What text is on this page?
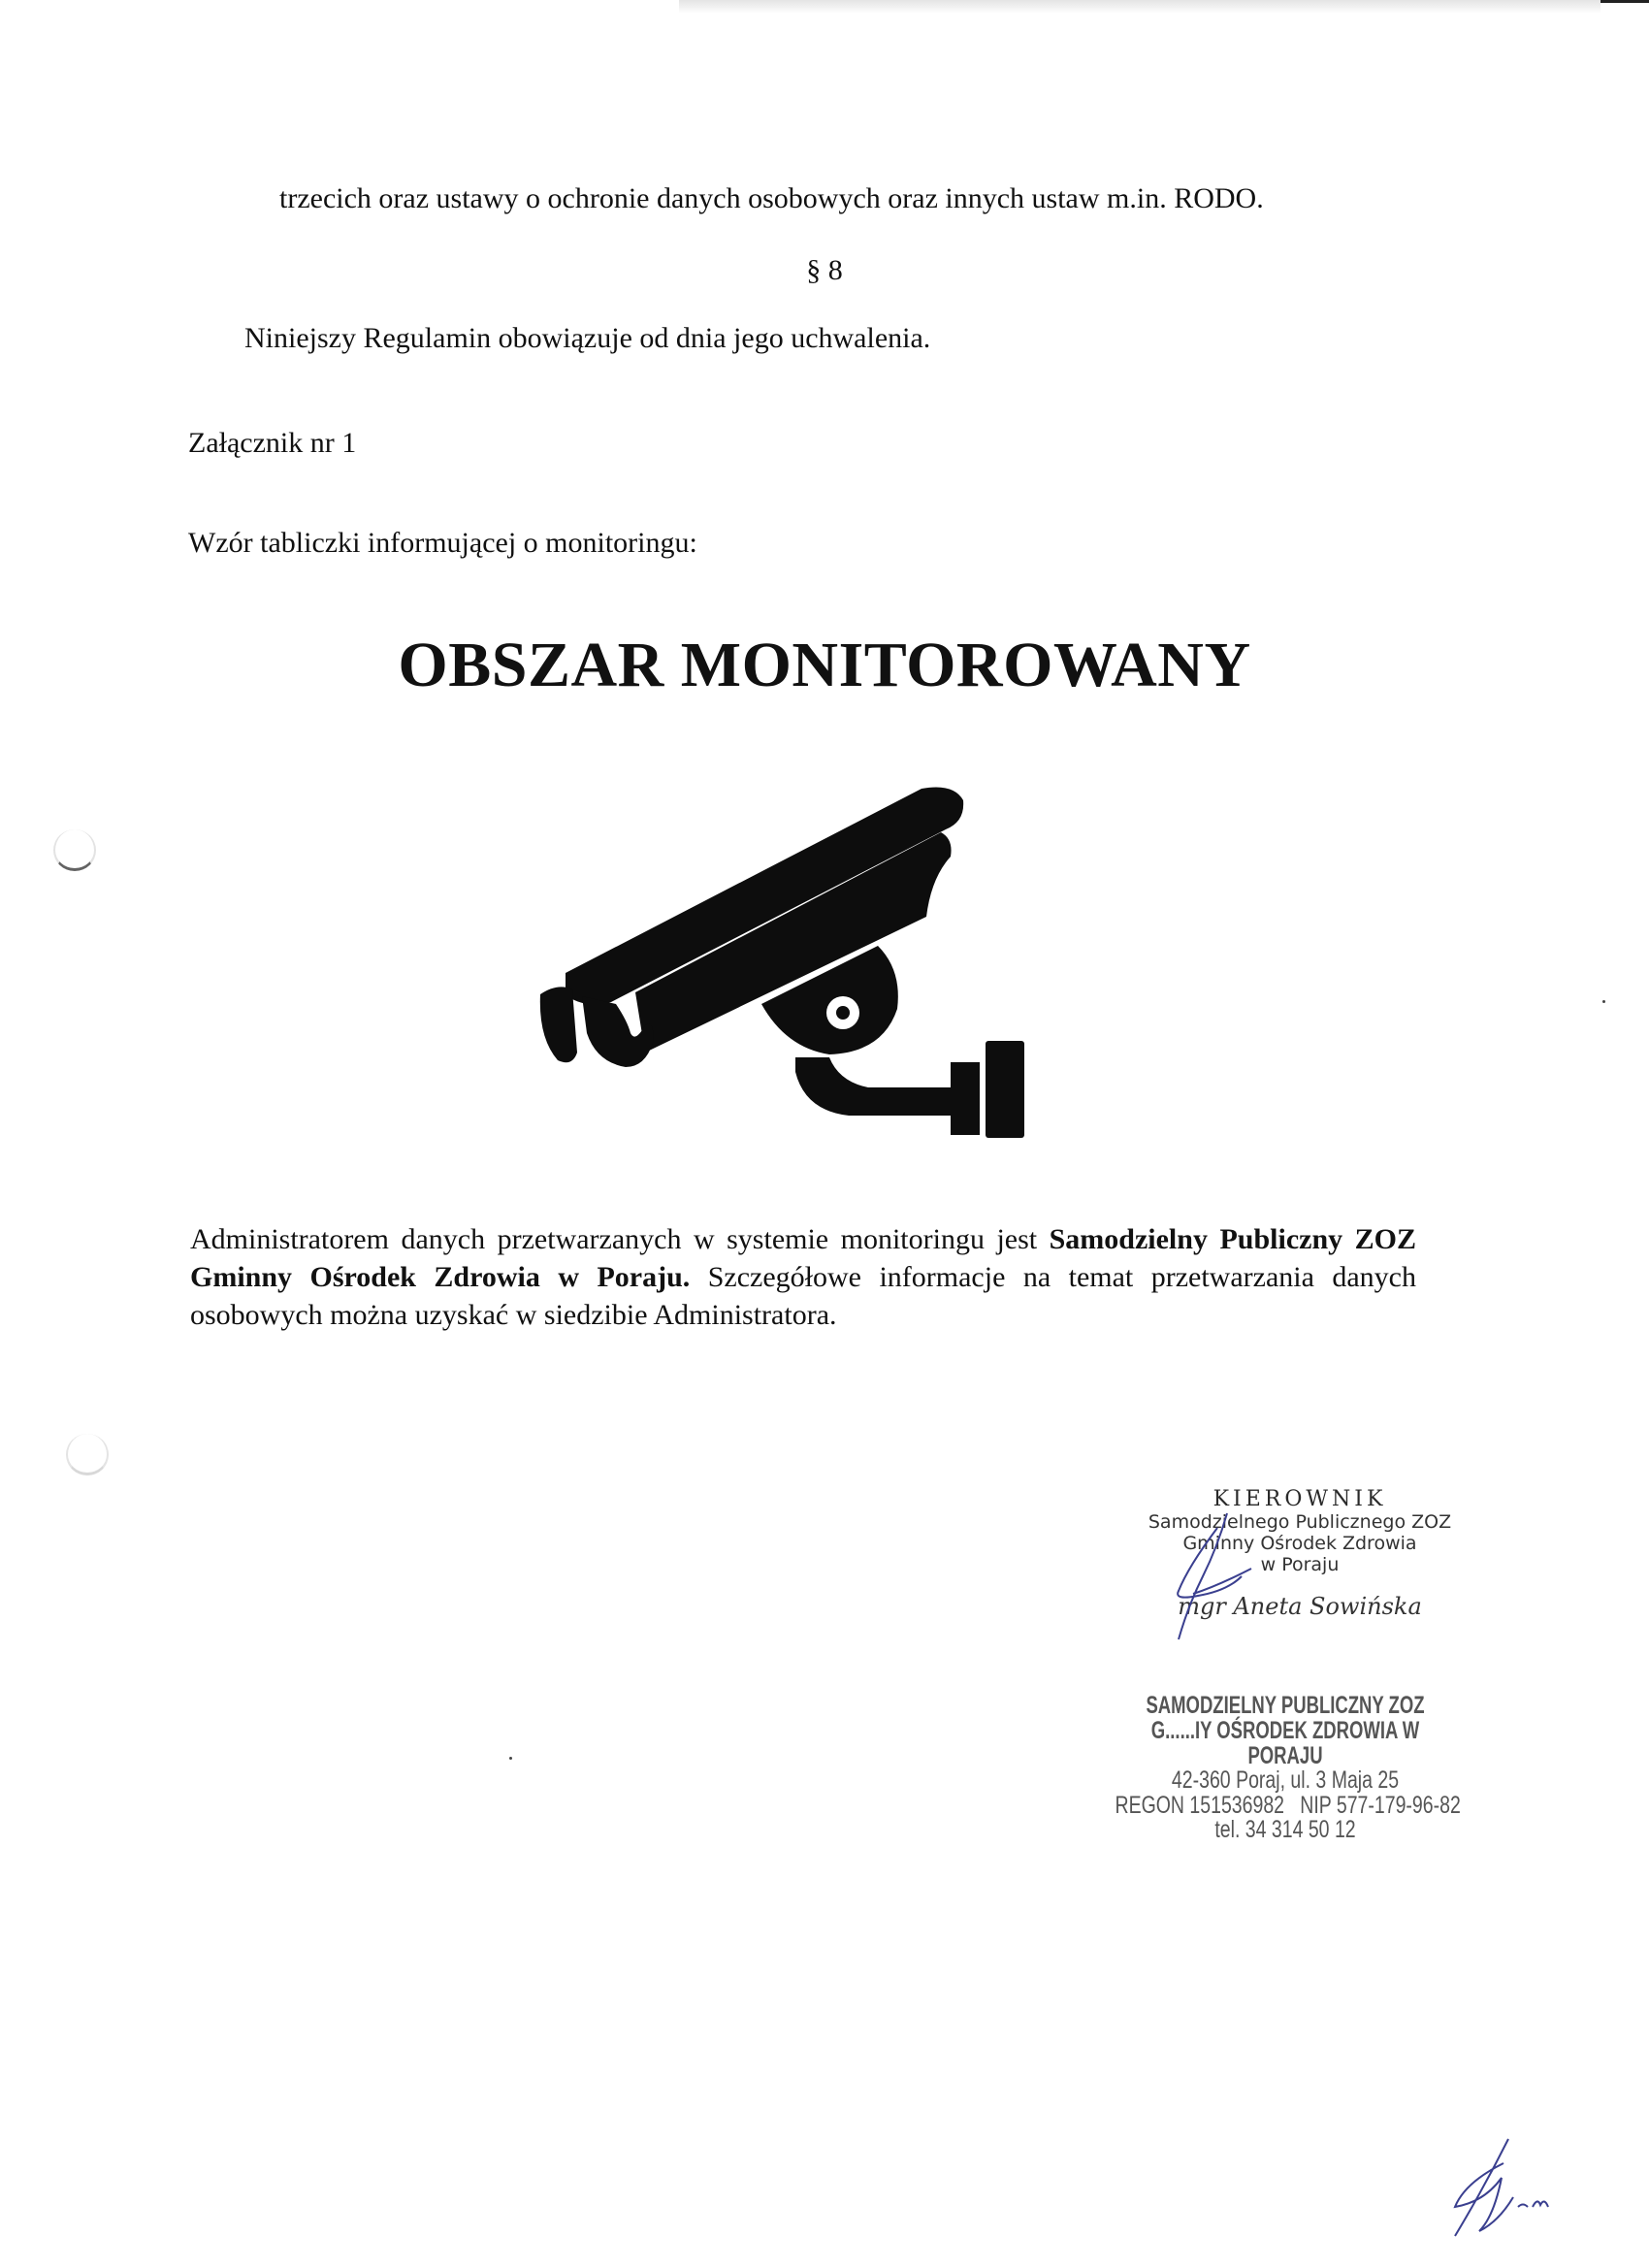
trzecich oraz ustawy o ochronie danych osobowych oraz innych ustaw m.in. RODO.
§ 8
Niniejszy Regulamin obowiązuje od dnia jego uchwalenia.
Załącznik nr 1
Wzór tabliczki informującej o monitoringu:
OBSZAR MONITOROWANY
Administratorem danych przetwarzanych w systemie monitoringu jest Samodzielny Publiczny ZOZ Gminny Ośrodek Zdrowia w Poraju. Szczegółowe informacje na temat przetwarzania danych osobowych można uzyskać w siedzibie Administratora.
KIEROWNIK
Samodzielnego Publicznego ZOZ
Gminny Ośrodek Zdrowia
w Poraju
mgr Aneta Sowińska
SAMODZIELNY PUBLICZNY ZOZ
G......IY OŚRODEK ZDROWIA W PORAJU
42-360 Poraj, ul. 3 Maja 25
REGON 151536982   NIP 577-179-96-82
tel. 34 314 50 12
